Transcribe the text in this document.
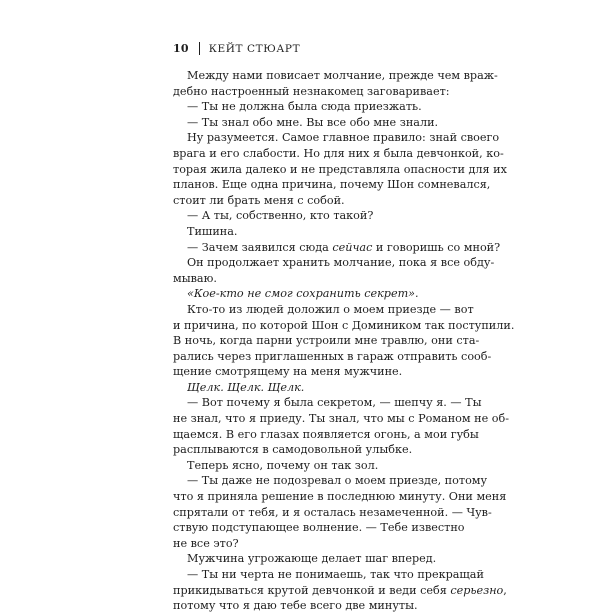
10 КЕЙТ СТЮАРТ
Между нами повисает молчание, прежде чем враж-
дебно настроенный незнакомец заговаривает:
— Ты не должна была сюда приезжать.
— Ты знал обо мне. Вы все обо мне знали.
Ну разумеется. Самое главное правило: знай своего
врага и его слабости. Но для них я была девчонкой, ко-
торая жила далеко и не представляла опасности для их
планов. Еще одна причина, почему Шон сомневался,
стоит ли брать меня с собой.
— А ты, собственно, кто такой?
Тишина.
— Зачем заявился сюда сейчас и говоришь со мной?
Он продолжает хранить молчание, пока я все обду-
мываю.
«Кое-кто не смог сохранить секрет».
Кто-то из людей доложил о моем приезде — вот
и причина, по которой Шон с Домиником так поступили.
В ночь, когда парни устроили мне травлю, они ста-
рались через приглашенных в гараж отправить сооб-
щение смотрящему на меня мужчине.
Щелк. Щелк. Щелк.
— Вот почему я была секретом, — шепчу я. — Ты
не знал, что я приеду. Ты знал, что мы с Романом не об-
щаемся. В его глазах появляется огонь, а мои губы
расплываются в самодовольной улыбке.
Теперь ясно, почему он так зол.
— Ты даже не подозревал о моем приезде, потому
что я приняла решение в последнюю минуту. Они меня
спрятали от тебя, и я осталась незамеченной. — Чув-
ствую подступающее волнение. — Тебе известно
не все это?
Мужчина угрожающе делает шаг вперед.
— Ты ни черта не понимаешь, так что прекращай
прикидываться крутой девчонкой и веди себя серьезно,
потому что я даю тебе всего две минуты.
